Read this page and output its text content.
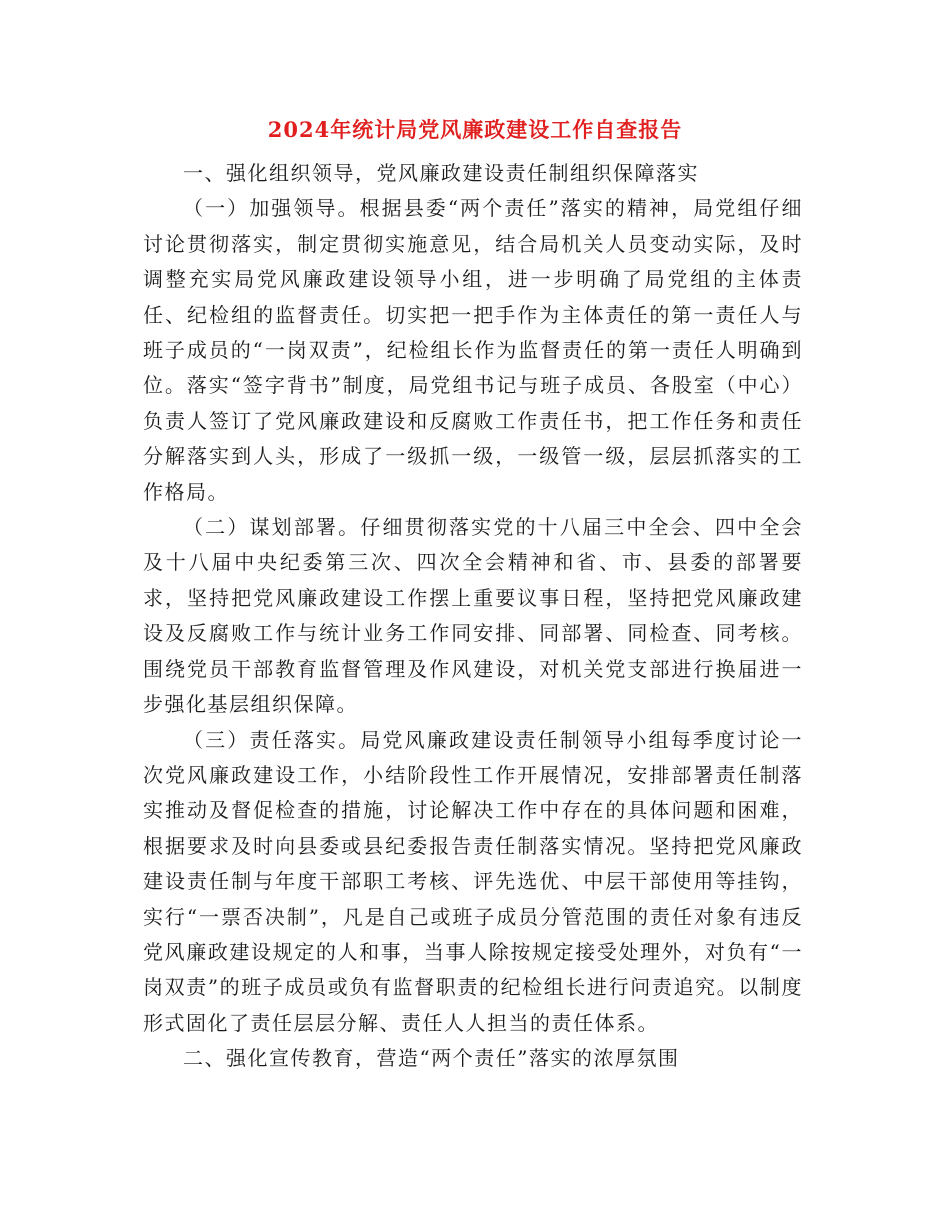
2024年统计局党风廉政建设工作自查报告

一、强化组织领导，党风廉政建设责任制组织保障落实

（一）加强领导。根据县委“两个责任”落实的精神，局党组仔细讨论贯彻落实，制定贯彻实施意见，结合局机关人员变动实际，及时调整充实局党风廉政建设领导小组，进一步明确了局党组的主体责任、纪检组的监督责任。切实把一把手作为主体责任的第一责任人与班子成员的“一岗双责”，纪检组长作为监督责任的第一责任人明确到位。落实“签字背书”制度，局党组书记与班子成员、各股室（中心）负责人签订了党风廉政建设和反腐败工作责任书，把工作任务和责任分解落实到人头，形成了一级抓一级，一级管一级，层层抓落实的工作格局。

（二）谋划部署。仔细贯彻落实党的十八届三中全会、四中全会及十八届中央纪委第三次、四次全会精神和省、市、县委的部署要求，坚持把党风廉政建设工作摆上重要议事日程，坚持把党风廉政建设及反腐败工作与统计业务工作同安排、同部署、同检查、同考核。围绕党员干部教育监督管理及作风建设，对机关党支部进行换届进一步强化基层组织保障。

（三）责任落实。局党风廉政建设责任制领导小组每季度讨论一次党风廉政建设工作，小结阶段性工作开展情况，安排部署责任制落实推动及督促检查的措施，讨论解决工作中存在的具体问题和困难，根据要求及时向县委或县纪委报告责任制落实情况。坚持把党风廉政建设责任制与年度干部职工考核、评先选优、中层干部使用等挂钩，实行“一票否决制”，凡是自己或班子成员分管范围的责任对象有违反党风廉政建设规定的人和事，当事人除按规定接受处理外，对负有“一岗双责”的班子成员或负有监督职责的纪检组长进行问责追究。以制度形式固化了责任层层分解、责任人人担当的责任体系。

二、强化宣传教育，营造“两个责任”落实的浓厚氛围
